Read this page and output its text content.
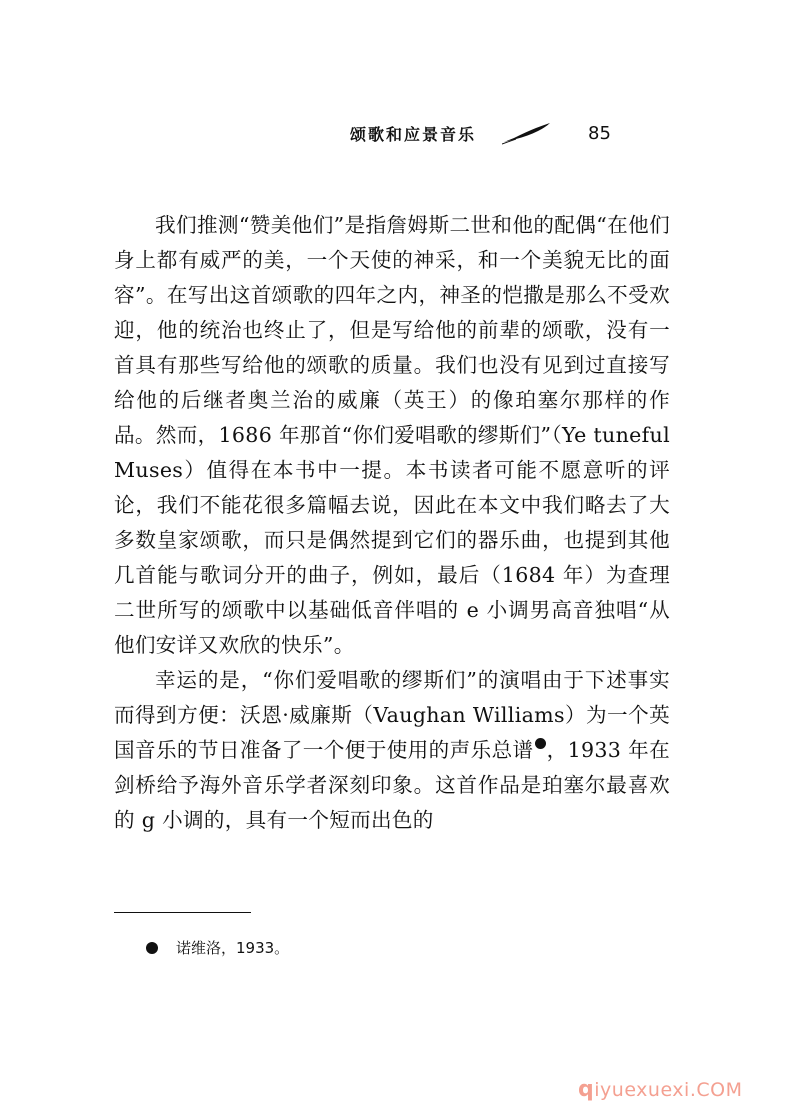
颂歌和应景音乐	85

我们推测“赞美他们”是指詹姆斯二世和他的配偶“在他们身上都有威严的美，一个天使的神采，和一个美貌无比的面容”。在写出这首颂歌的四年之内，神圣的恺撒是那么不受欢迎，他的统治也终止了，但是写给他的前辈的颂歌，没有一首具有那些写给他的颂歌的质量。我们也没有见到过直接写给他的后继者奥兰治的威廉（英王）的像珀塞尔那样的作品。然而，1686 年那首“你们爱唱歌的缪斯们”（Ye tuneful Muses）值得在本书中一提。本书读者可能不愿意听的评论，我们不能花很多篇幅去说，因此在本文中我们略去了大多数皇家颂歌，而只是偶然提到它们的器乐曲，也提到其他几首能与歌词分开的曲子，例如，最后（1684 年）为查理二世所写的颂歌中以基础低音伴唱的 e 小调男高音独唱“从他们安详又欢欣的快乐”。

幸运的是，“你们爱唱歌的缪斯们”的演唱由于下述事实而得到方便：沃恩·威廉斯（Vaughan Williams）为一个英国音乐的节日准备了一个便于使用的声乐总谱 ，1933 年在剑桥给予海外音乐学者深刻印象。这首作品是珀塞尔最喜欢的 g 小调的，具有一个短而出色的

诺维洛，1933。
qiyuexuexi.COM
